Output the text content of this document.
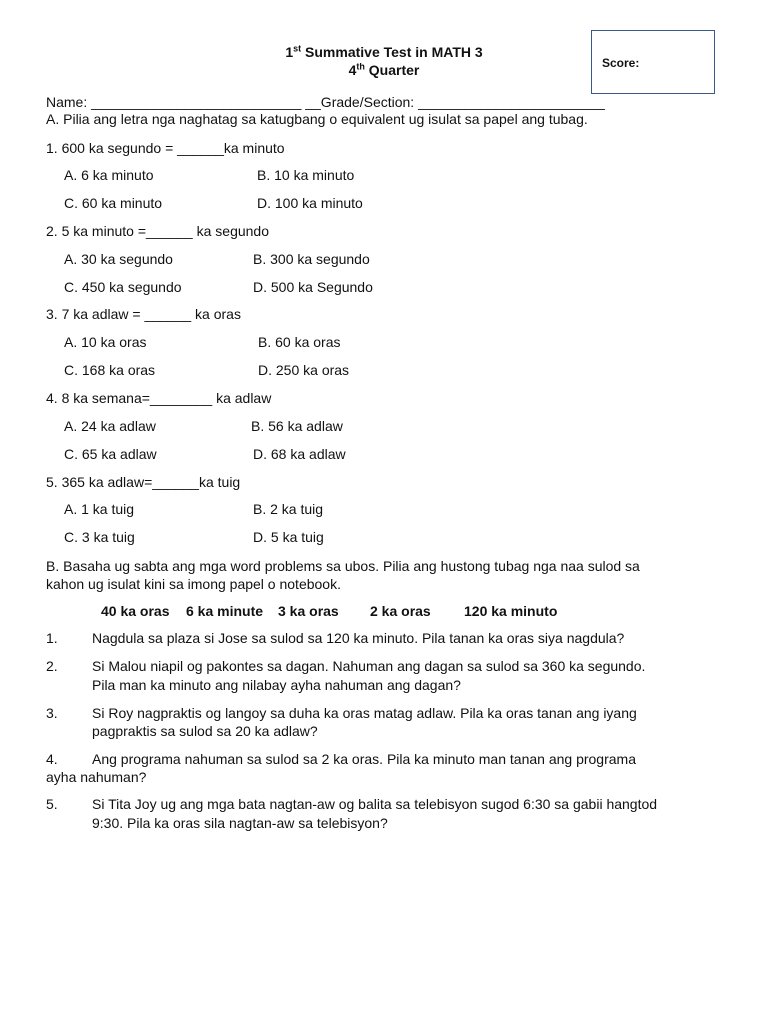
1st Summative Test in MATH 3
4th Quarter	Score:
Name: ___________________________ __Grade/Section: ________________________
A. Pilia ang letra nga naghatag sa katugbang o equivalent ug isulat sa papel ang tubag.
1. 600 ka segundo = ______ka minuto
A. 6 ka minuto	B. 10 ka minuto
C. 60 ka minuto	D. 100 ka minuto
2. 5 ka minuto =______ ka segundo
A. 30 ka segundo	B. 300 ka segundo
C. 450 ka segundo	D. 500 ka Segundo
3. 7 ka adlaw = ______ ka oras
A. 10 ka oras	B. 60 ka oras
C. 168 ka oras	D. 250 ka oras
4. 8 ka semana=________ ka adlaw
A. 24 ka adlaw	B. 56 ka adlaw
C. 65 ka adlaw	D. 68 ka adlaw
5. 365 ka adlaw=______ka tuig
A. 1 ka tuig	B. 2 ka tuig
C. 3 ka tuig	D. 5 ka tuig
B. Basaha ug sabta ang mga word problems sa ubos. Pilia ang hustong tubag nga naa sulod sa
kahon ug isulat kini sa imong papel o notebook.
40 ka oras 6 ka minute 3 ka oras 2 ka oras 120 ka minuto
1. Nagdula sa plaza si Jose sa sulod sa 120 ka minuto. Pila tanan ka oras siya nagdula?
2. Si Malou niapil og pakontes sa dagan. Nahuman ang dagan sa sulod sa 360 ka segundo.
Pila man ka minuto ang nilabay ayha nahuman ang dagan?
3. Si Roy nagpraktis og langoy sa duha ka oras matag adlaw. Pila ka oras tanan ang iyang
pagpraktis sa sulod sa 20 ka adlaw?
4. Ang programa nahuman sa sulod sa 2 ka oras. Pila ka minuto man tanan ang programa
ayha nahuman?
5. Si Tita Joy ug ang mga bata nagtan-aw og balita sa telebisyon sugod 6:30 sa gabii hangtod
9:30. Pila ka oras sila nagtan-aw sa telebisyon?
